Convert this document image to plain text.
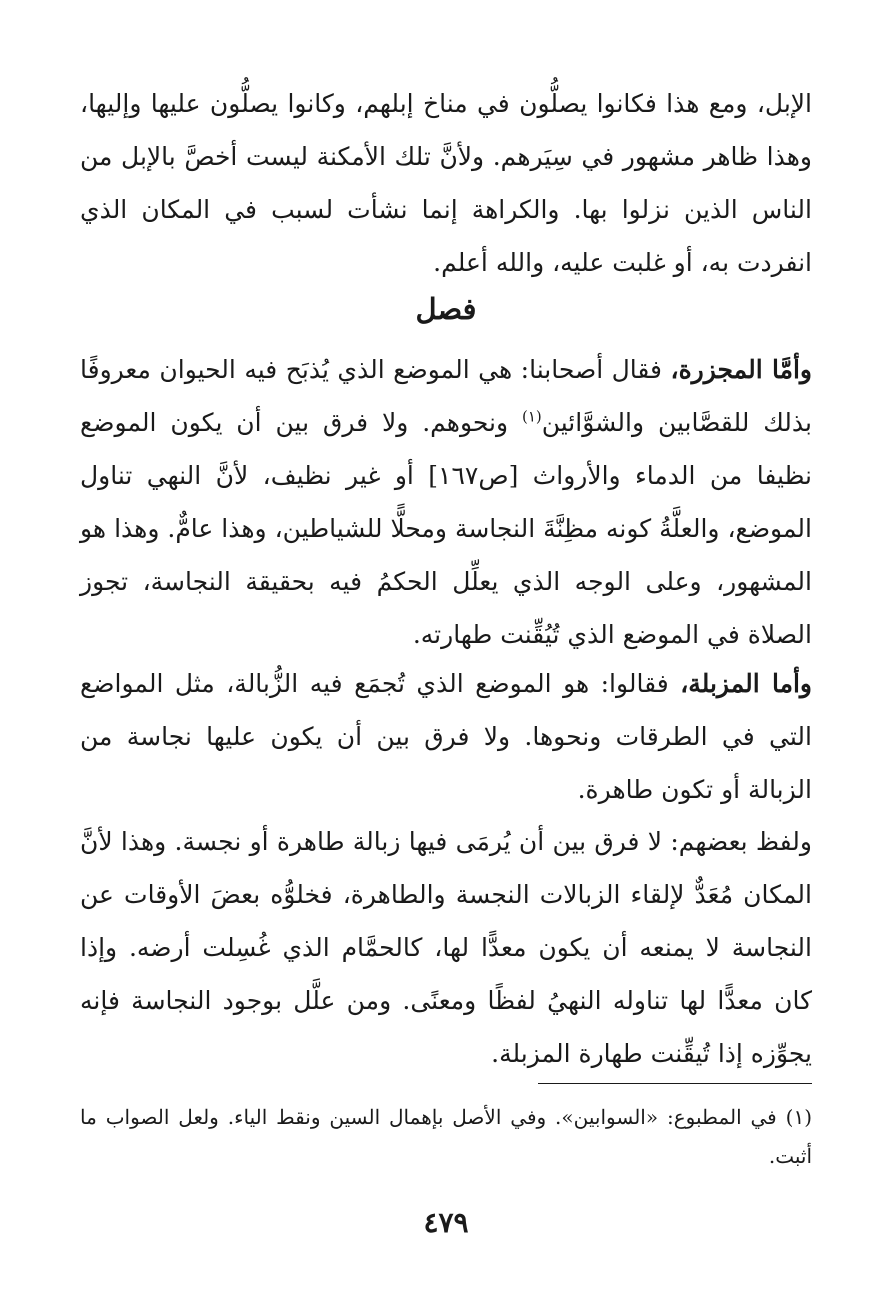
الإبل، ومع هذا فكانوا يصلُّون في مناخ إبلهم، وكانوا يصلُّون عليها وإليها، وهذا ظاهر مشهور في سِيَرهم. ولأنَّ تلك الأمكنة ليست أخصَّ بالإبل من الناس الذين نزلوا بها. والكراهة إنما نشأت لسبب في المكان الذي انفردت به، أو غلبت عليه، والله أعلم.

فصل

وأمَّا المجزرة، فقال أصحابنا: هي الموضع الذي يُذبَح فيه الحيوان معروفًا بذلك للقصَّابين والشوَّائين$^{(١)}$ ونحوهم. ولا فرق بين أن يكون الموضع نظيفا من الدماء والأرواث [ص١٦٧] أو غير نظيف، لأنَّ النهي تناول الموضع، والعلَّةُ كونه مظِنَّةَ النجاسة ومحلًّا للشياطين، وهذا عامٌّ. وهذا هو المشهور، وعلى الوجه الذي يعلِّل الحكمُ فيه بحقيقة النجاسة، تجوز الصلاة في الموضع الذي تُيُقِّنت طهارته.

وأما المزبلة، فقالوا: هو الموضع الذي تُجمَع فيه الزُّبالة، مثل المواضع التي في الطرقات ونحوها. ولا فرق بين أن يكون عليها نجاسة من الزبالة أو تكون طاهرة.

ولفظ بعضهم: لا فرق بين أن يُرمَى فيها زبالة طاهرة أو نجسة. وهذا لأنَّ المكان مُعَدٌّ لإلقاء الزبالات النجسة والطاهرة، فخلوُّه بعضَ الأوقات عن النجاسة لا يمنعه أن يكون معدًّا لها، كالحمَّام الذي غُسِلت أرضه. وإذا كان معدًّا لها تناوله النهيُ لفظًا ومعنًى. ومن علَّل بوجود النجاسة فإنه يجوِّزه إذا تُيقِّنت طهارة المزبلة.

(١) في المطبوع: «السوابين». وفي الأصل بإهمال السين ونقط الياء. ولعل الصواب ما أثبت.

٤٧٩
